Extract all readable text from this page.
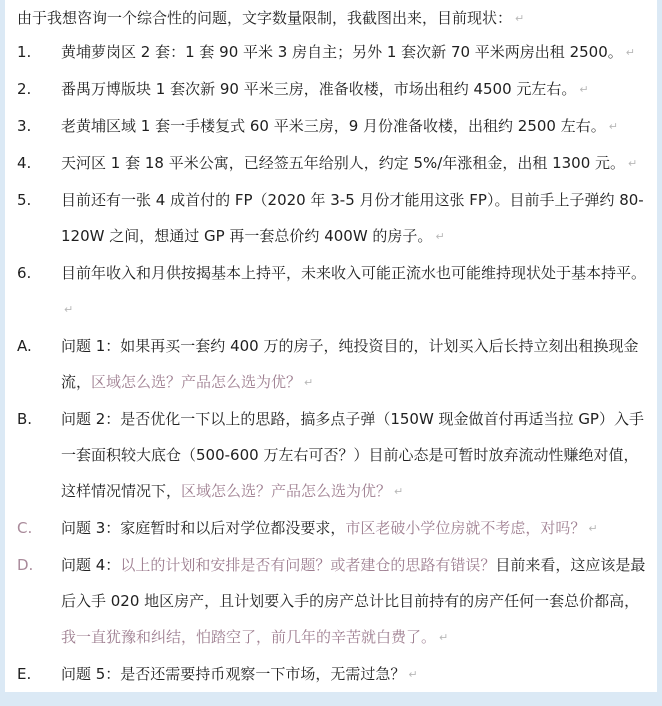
由于我想咨询一个综合性的问题，文字数量限制，我截图出来，目前现状： ↵
1.	黄埔萝岗区 2 套：1 套 90 平米 3 房自主；另外 1 套次新 70 平米两房出租 2500。 ↵
2.	番禺万博版块 1 套次新 90 平米三房，准备收楼，市场出租约 4500 元左右。 ↵
3.	老黄埔区域 1 套一手楼复式 60 平米三房，9 月份准备收楼，出租约 2500 左右。 ↵
4.	天河区 1 套 18 平米公寓，已经签五年给别人，约定 5%/年涨租金，出租 1300 元。 ↵
5.	目前还有一张 4 成首付的 FP（2020 年 3-5 月份才能用这张 FP）。目前手上子弹约 80-120W 之间，想通过 GP 再一套总价约 400W 的房子。 ↵
6.	目前年收入和月供按揭基本上持平，未来收入可能正流水也可能维持现状处于基本持平。↵
A.	问题 1：如果再买一套约 400 万的房子，纯投资目的，计划买入后长持立刻出租换现金流，区域怎么选？产品怎么选为优？ ↵
B.	问题 2：是否优化一下以上的思路，搞多点子弹（150W 现金做首付再适当拉 GP）入手一套面积较大底仓（500-600 万左右可否？）目前心态是可暂时放弃流动性赚绝对值，这样情况情况下，区域怎么选？产品怎么选为优？ ↵
C.	问题 3：家庭暂时和以后对学位都没要求，市区老破小学位房就不考虑，对吗？ ↵
D.	问题 4：以上的计划和安排是否有问题？或者建仓的思路有错误？目前来看，这应该是最后入手 020 地区房产，且计划要入手的房产总计比目前持有的房产任何一套总价都高，我一直犹豫和纠结，怕踏空了，前几年的辛苦就白费了。 ↵
E.	问题 5：是否还需要持币观察一下市场，无需过急？ ↵
